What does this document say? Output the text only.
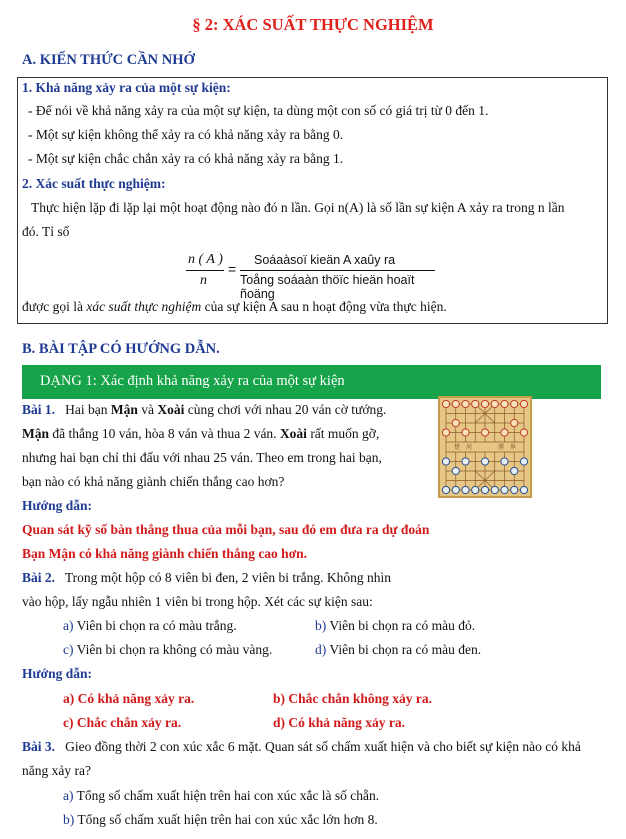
§ 2: XÁC SUẤT THỰC NGHIỆM
A. KIẾN THỨC CẦN NHỚ
1. Khả năng xảy ra của một sự kiện:
- Để nói về khả năng xảy ra của một sự kiện, ta dùng một con số có giá trị từ 0 đến 1.
- Một sự kiện không thể xảy ra có khả năng xảy ra bằng 0.
- Một sự kiện chắc chắn xảy ra có khả năng xảy ra bằng 1.
2. Xác suất thực nghiệm:
Thực hiện lặp đi lặp lại một hoạt động nào đó n lần. Gọi n(A) là số lần sự kiện A xảy ra trong n lần
đó. Tỉ số
n ( A )
n
=
Soáaàsoï kieän A xaûy ra
Toång soáaàn thöïc hieän hoaït ñoäng
được gọi là xác suất thực nghiệm của sự kiện A sau n hoạt động vừa thực hiện.
B. BÀI TẬP CÓ HƯỚNG DẪN.
DẠNG 1: Xác định khả năng xảy ra của một sự kiện
Bài 1. Hai bạn Mận và Xoài cùng chơi với nhau 20 ván cờ tướng.
Mận đã thắng 10 ván, hòa 8 ván và thua 2 ván. Xoài rất muốn gỡ,
nhưng hai bạn chỉ thi đấu với nhau 25 ván. Theo em trong hai bạn,
bạn nào có khả năng giành chiến thắng cao hơn?
楚 河	漢 界
Hướng dẫn:
Quan sát kỹ số bàn thắng thua của mỗi bạn, sau đó em đưa ra dự đoán
Bạn Mận có khả năng giành chiến thắng cao hơn.
Bài 2. Trong một hộp có 8 viên bi đen, 2 viên bi trắng. Không nhìn
vào hộp, lấy ngẫu nhiên 1 viên bi trong hộp. Xét các sự kiện sau:
a) Viên bi chọn ra có màu trắng.	b) Viên bi chọn ra có màu đỏ.
c) Viên bi chọn ra không có màu vàng.	d) Viên bi chọn ra có màu đen.
Hướng dẫn:
a) Có khả năng xảy ra.	b) Chắc chắn không xảy ra.
c) Chắc chắn xảy ra.	d) Có khả năng xảy ra.
Bài 3. Gieo đồng thời 2 con xúc xắc 6 mặt. Quan sát số chấm xuất hiện và cho biết sự kiện nào có khả
năng xảy ra?
a) Tổng số chấm xuất hiện trên hai con xúc xắc là số chẵn.
b) Tổng số chấm xuất hiện trên hai con xúc xắc lớn hơn 8.
